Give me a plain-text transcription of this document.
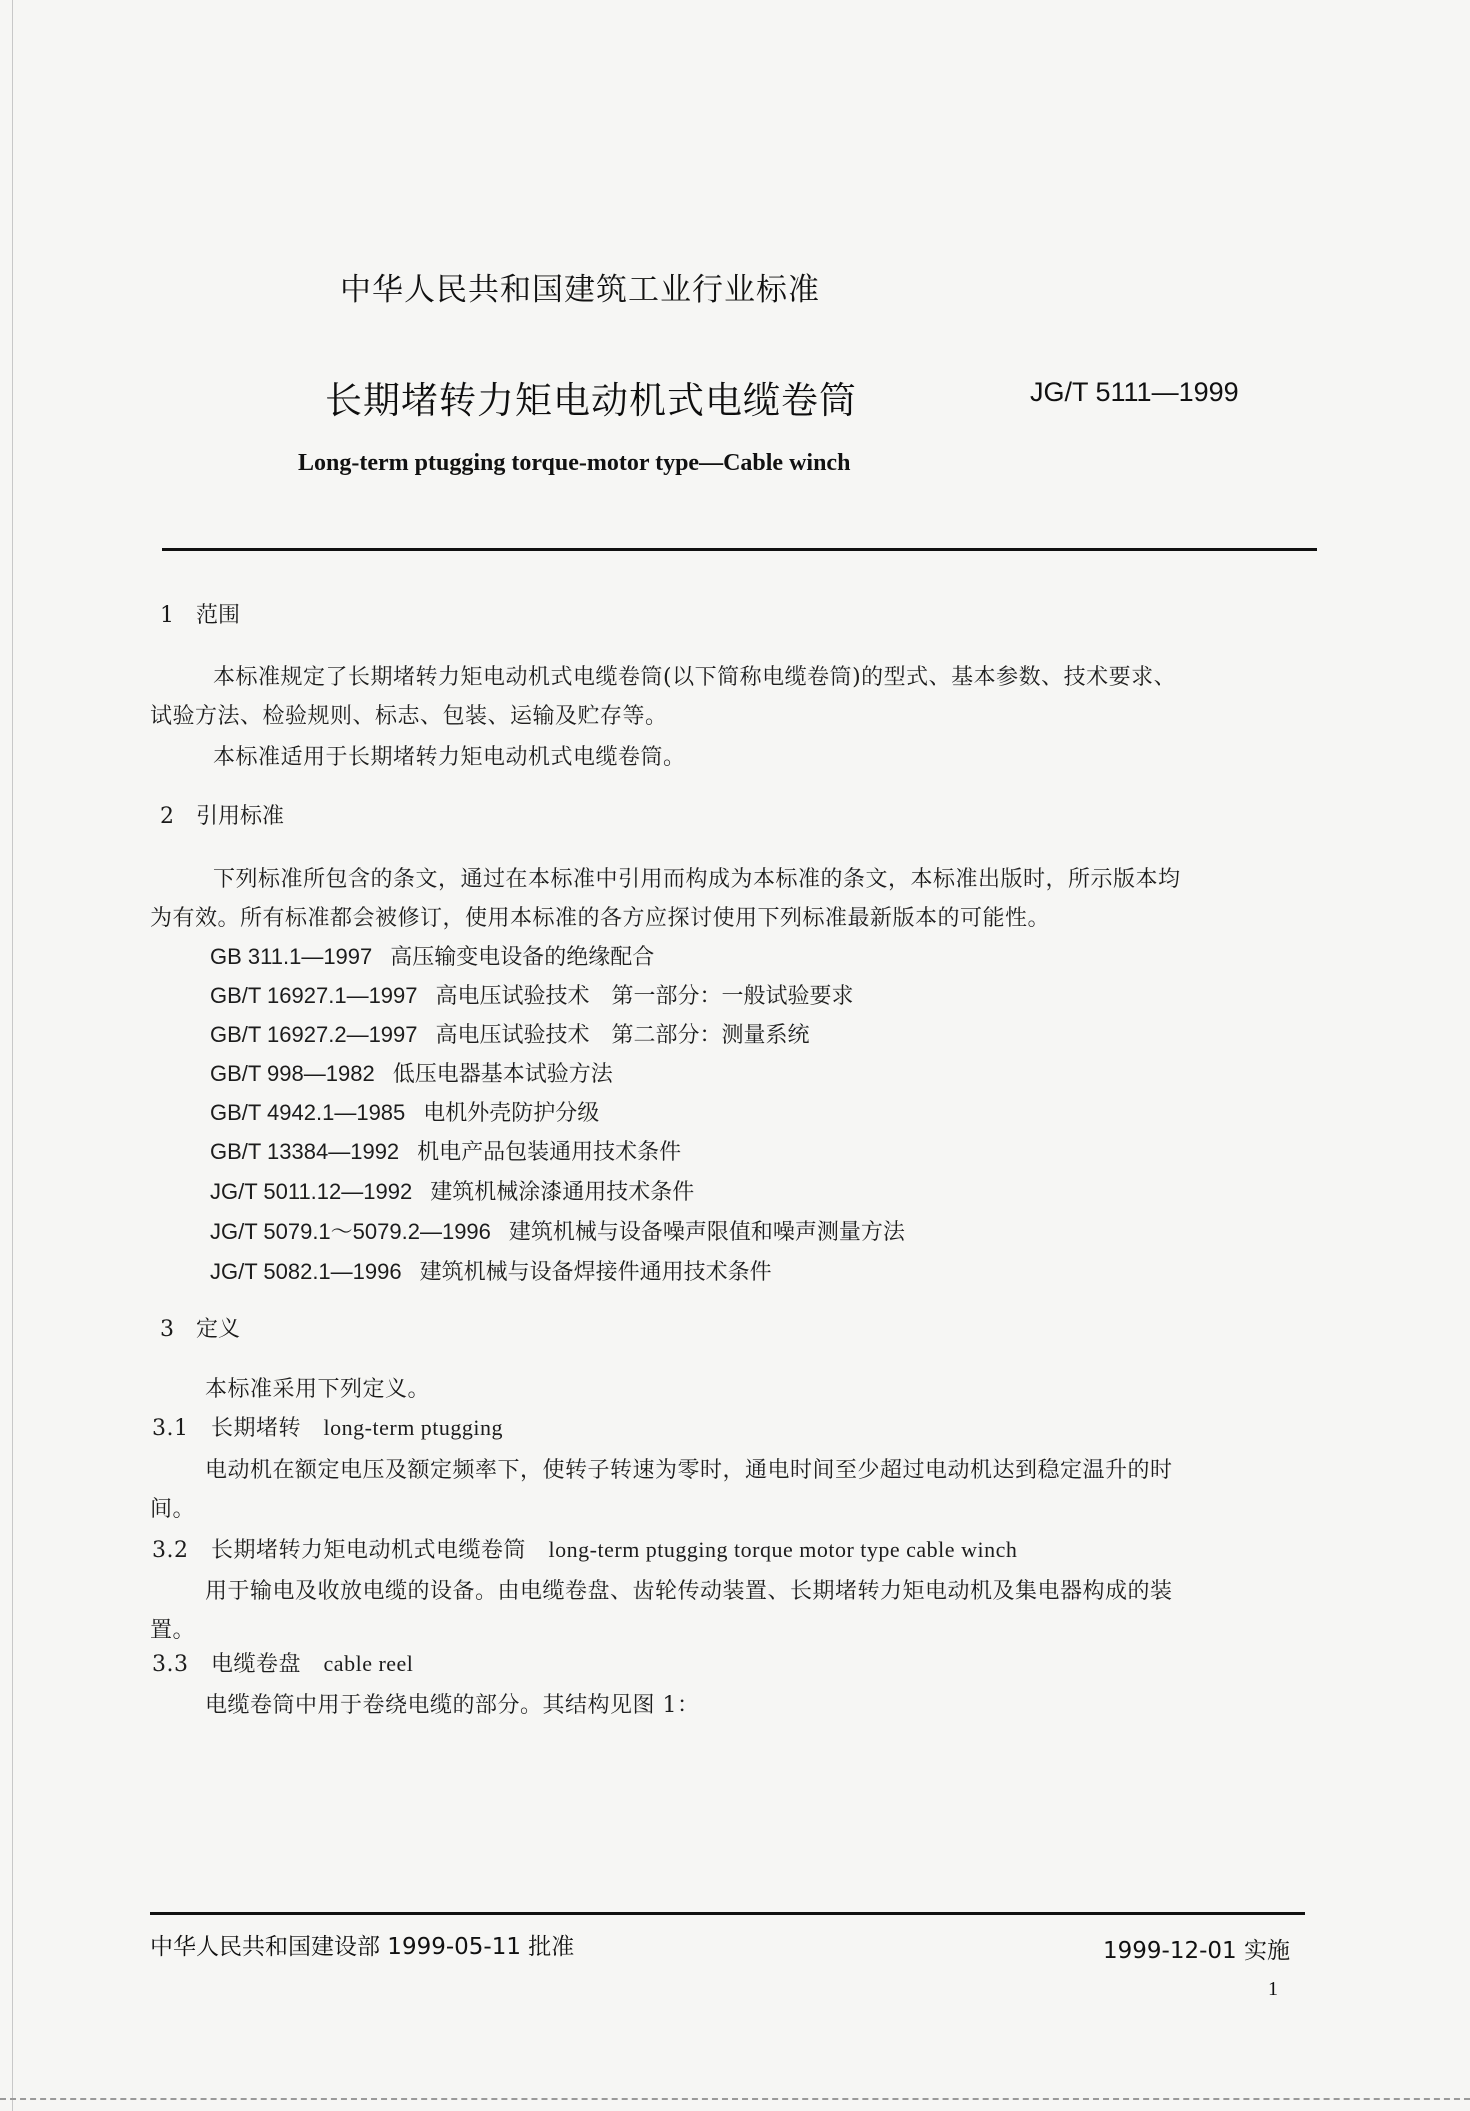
中华人民共和国建筑工业行业标准
长期堵转力矩电动机式电缆卷筒	JG/T 5111—1999
Long-term ptugging torque-motor type—Cable winch
1　范围
本标准规定了长期堵转力矩电动机式电缆卷筒(以下简称电缆卷筒)的型式、基本参数、技术要求、
试验方法、检验规则、标志、包装、运输及贮存等。
本标准适用于长期堵转力矩电动机式电缆卷筒。
2　引用标准
下列标准所包含的条文，通过在本标准中引用而构成为本标准的条文，本标准出版时，所示版本均
为有效。所有标准都会被修订，使用本标准的各方应探讨使用下列标准最新版本的可能性。
GB 311.1—1997 高压输变电设备的绝缘配合
GB/T 16927.1—1997 高电压试验技术　第一部分：一般试验要求
GB/T 16927.2—1997 高电压试验技术　第二部分：测量系统
GB/T 998—1982 低压电器基本试验方法
GB/T 4942.1—1985 电机外壳防护分级
GB/T 13384—1992 机电产品包装通用技术条件
JG/T 5011.12—1992 建筑机械涂漆通用技术条件
JG/T 5079.1～5079.2—1996 建筑机械与设备噪声限值和噪声测量方法
JG/T 5082.1—1996 建筑机械与设备焊接件通用技术条件
3　定义
本标准采用下列定义。
3.1　 长期堵转　 long-term ptugging
电动机在额定电压及额定频率下，使转子转速为零时，通电时间至少超过电动机达到稳定温升的时
间。
3.2　 长期堵转力矩电动机式电缆卷筒　 long-term ptugging torque motor type cable winch
用于输电及收放电缆的设备。由电缆卷盘、齿轮传动装置、长期堵转力矩电动机及集电器构成的装
置。
3.3　 电缆卷盘　 cable reel
电缆卷筒中用于卷绕电缆的部分。其结构见图 1：
中华人民共和国建设部 1999-05-11 批准	1999-12-01 实施
1
